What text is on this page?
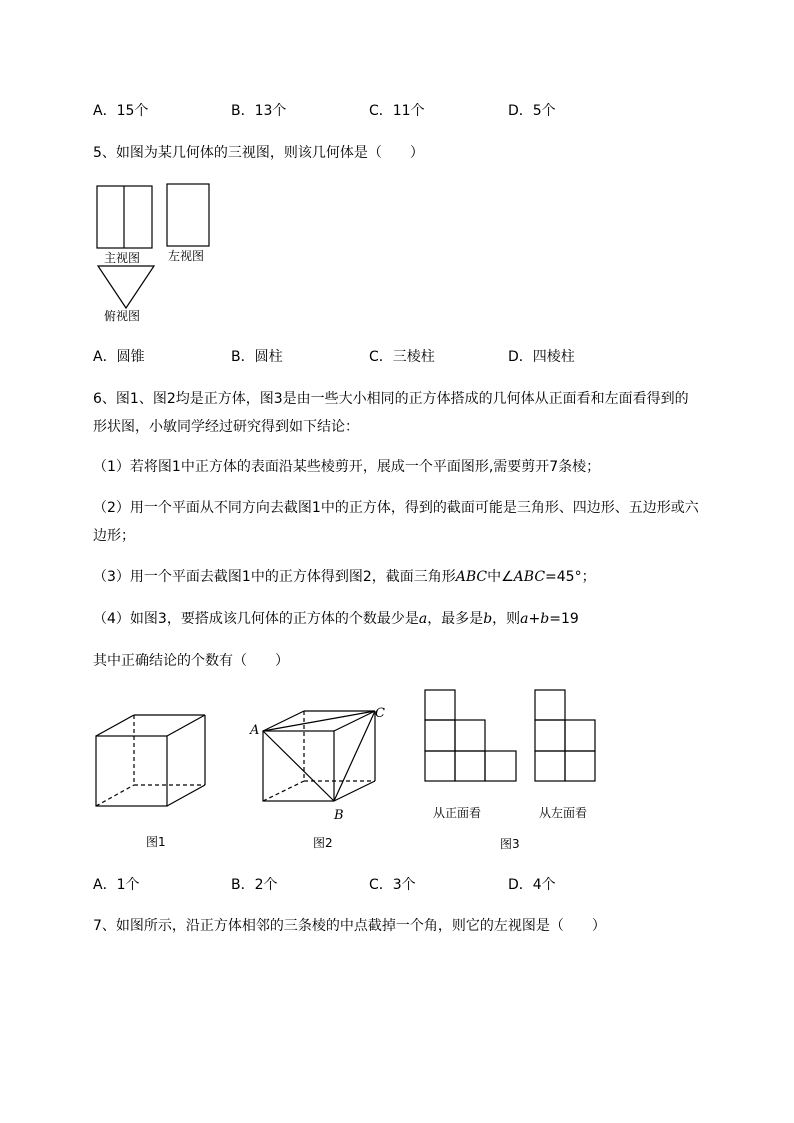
A．15个	B．13个	C．11个	D．5个
5、如图为某几何体的三视图，则该几何体是（　　）
主视图 左视图
俯视图
A．圆锥	B．圆柱	C．三棱柱	D．四棱柱
6、图1、图2均是正方体，图3是由一些大小相同的正方体搭成的几何体从正面看和左面看得到的
形状图，小敏同学经过研究得到如下结论：
（1）若将图1中正方体的表面沿某些棱剪开，展成一个平面图形,需要剪开7条棱；
（2）用一个平面从不同方向去截图1中的正方体，得到的截面可能是三角形、四边形、五边形或六
边形；
（3）用一个平面去截图1中的正方体得到图2，截面三角形ABC中∠ABC=45°；
（4）如图3，要搭成该几何体的正方体的个数最少是a，最多是b，则a+b=19
其中正确结论的个数有（　　）
图1
A
B
C
图2
从正面看	从左面看
图3
A．1个	B．2个	C．3个	D．4个
7、如图所示，沿正方体相邻的三条棱的中点截掉一个角，则它的左视图是（　　）
